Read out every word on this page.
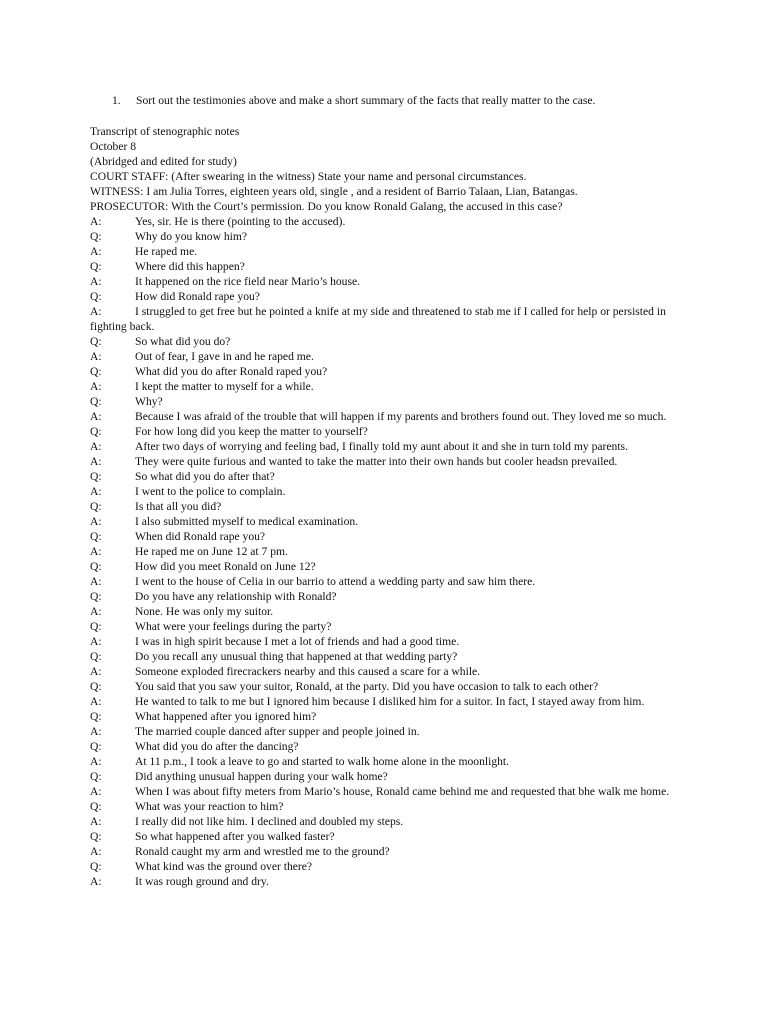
1.	Sort out the testimonies above and make a short summary of the facts that really matter to the case.
Transcript of stenographic notes
October 8
(Abridged and edited for study)
COURT STAFF: (After swearing in the witness) State your name and personal circumstances.
WITNESS: I am Julia Torres, eighteen years old, single , and a resident of Barrio Talaan, Lian, Batangas.
PROSECUTOR: With the Court’s permission. Do you know Ronald Galang, the accused in this case?
A:	Yes, sir. He is there (pointing to the accused).
Q:	Why do you know him?
A:	He raped me.
Q:	Where did this happen?
A:	It happened on the rice field near Mario’s house.
Q:	How did Ronald rape you?
A:	I struggled to get free but he pointed a knife at my side and threatened to stab me if I called for help or persisted in fighting back.
Q:	So what did you do?
A:	Out of fear, I gave in and he raped me.
Q:	What did you do after Ronald raped you?
A:	I kept the matter to myself for a while.
Q:	Why?
A:	Because I was afraid of the trouble that will happen if my parents and brothers found out. They loved me so much.
Q:	For how long did you keep the matter to yourself?
A:	After two days of worrying and feeling bad, I finally told my aunt about it and she in turn told my parents.
A:	They were quite furious and wanted to take the matter into their own hands but cooler headsn prevailed.
Q:	So what did you do after that?
A:	I went to the police to complain.
Q:	Is that all you did?
A:	I also submitted myself to medical examination.
Q:	When did Ronald rape you?
A:	He raped me on June 12 at 7 pm.
Q:	How did you meet Ronald on June 12?
A:	I went to the house of Celia in our barrio to attend a wedding party and saw him there.
Q:	Do you have any relationship with Ronald?
A:	None. He was only my suitor.
Q:	What were your feelings during the party?
A:	I was in high spirit because I met a lot of friends and had a good time.
Q:	Do you recall any unusual thing that happened at that wedding party?
A:	Someone exploded firecrackers nearby and this caused a scare for a while.
Q:	You said that you saw your suitor, Ronald, at the party. Did you have occasion to talk to each other?
A:	He wanted to talk to me but I ignored him because I disliked him for a suitor. In fact, I stayed away from him.
Q:	What happened after you ignored him?
A:	The married couple danced after supper and people joined in.
Q:	What did you do after the dancing?
A:	At 11 p.m., I took a leave to go and started to walk home alone in the moonlight.
Q:	Did anything unusual happen during your walk home?
A:	When I was about fifty meters from Mario’s house, Ronald came behind me and requested that bhe walk me home.
Q:	What was your reaction to him?
A:	I really did not like him. I declined and doubled my steps.
Q:	So what happened after you walked faster?
A:	Ronald caught my arm and wrestled me to the ground?
Q:	What kind was the ground over there?
A:	It was rough ground and dry.
